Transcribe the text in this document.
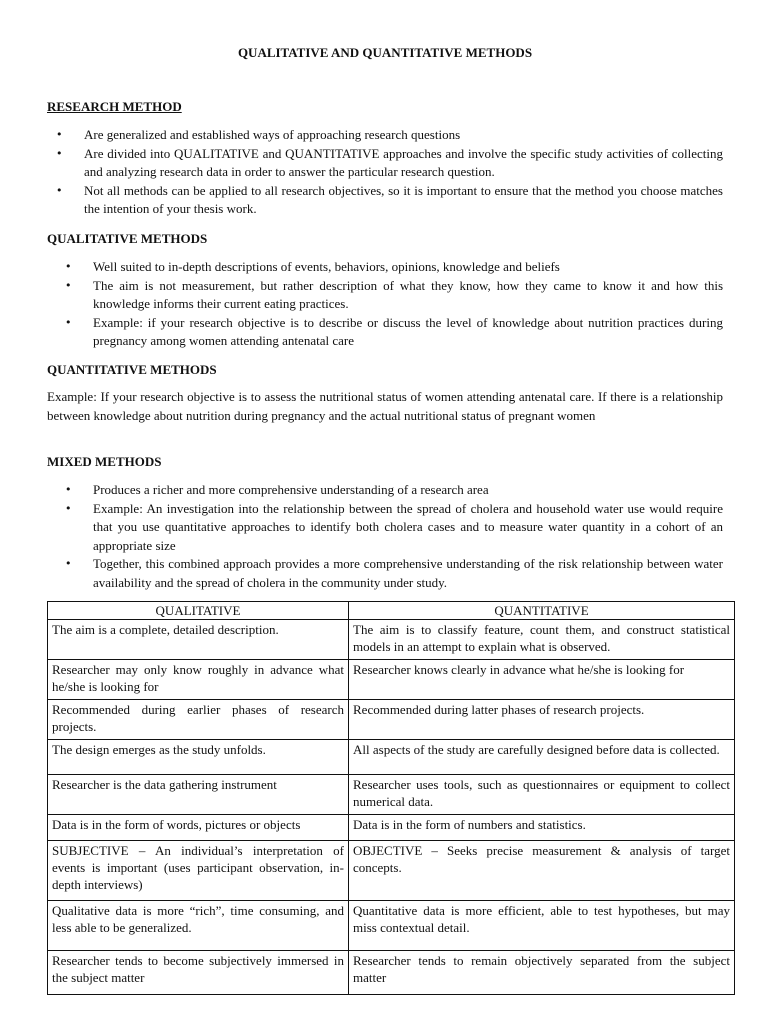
QUALITATIVE AND QUANTITATIVE METHODS
RESEARCH METHOD
• Are generalized and established ways of approaching research questions
• Are divided into QUALITATIVE and QUANTITATIVE approaches and involve the specific study activities of collecting and analyzing research data in order to answer the particular research question.
• Not all methods can be applied to all research objectives, so it is important to ensure that the method you choose matches the intention of your thesis work.
QUALITATIVE METHODS
• Well suited to in-depth descriptions of events, behaviors, opinions, knowledge and beliefs
• The aim is not measurement, but rather description of what they know, how they came to know it and how this knowledge informs their current eating practices.
• Example: if your research objective is to describe or discuss the level of knowledge about nutrition practices during pregnancy among women attending antenatal care
QUANTITATIVE METHODS
Example: If your research objective is to assess the nutritional status of women attending antenatal care. If there is a relationship between knowledge about nutrition during pregnancy and the actual nutritional status of pregnant women
MIXED METHODS
• Produces a richer and more comprehensive understanding of a research area
• Example: An investigation into the relationship between the spread of cholera and household water use would require that you use quantitative approaches to identify both cholera cases and to measure water quantity in a cohort of an appropriate size
• Together, this combined approach provides a more comprehensive understanding of the risk relationship between water availability and the spread of cholera in the community under study.
QUALITATIVE	QUANTITATIVE
The aim is a complete, detailed description.	The aim is to classify feature, count them, and construct statistical models in an attempt to explain what is observed.
Researcher may only know roughly in advance what he/she is looking for	Researcher knows clearly in advance what he/she is looking for
Recommended during earlier phases of research projects.	Recommended during latter phases of research projects.
The design emerges as the study unfolds.	All aspects of the study are carefully designed before data is collected.
Researcher is the data gathering instrument	Researcher uses tools, such as questionnaires or equipment to collect numerical data.
Data is in the form of words, pictures or objects	Data is in the form of numbers and statistics.
SUBJECTIVE – An individual’s interpretation of events is important (uses participant observation, in-depth interviews)	OBJECTIVE – Seeks precise measurement & analysis of target concepts.
Qualitative data is more “rich”, time consuming, and less able to be generalized.	Quantitative data is more efficient, able to test hypotheses, but may miss contextual detail.
Researcher tends to become subjectively immersed in the subject matter	Researcher tends to remain objectively separated from the subject matter
